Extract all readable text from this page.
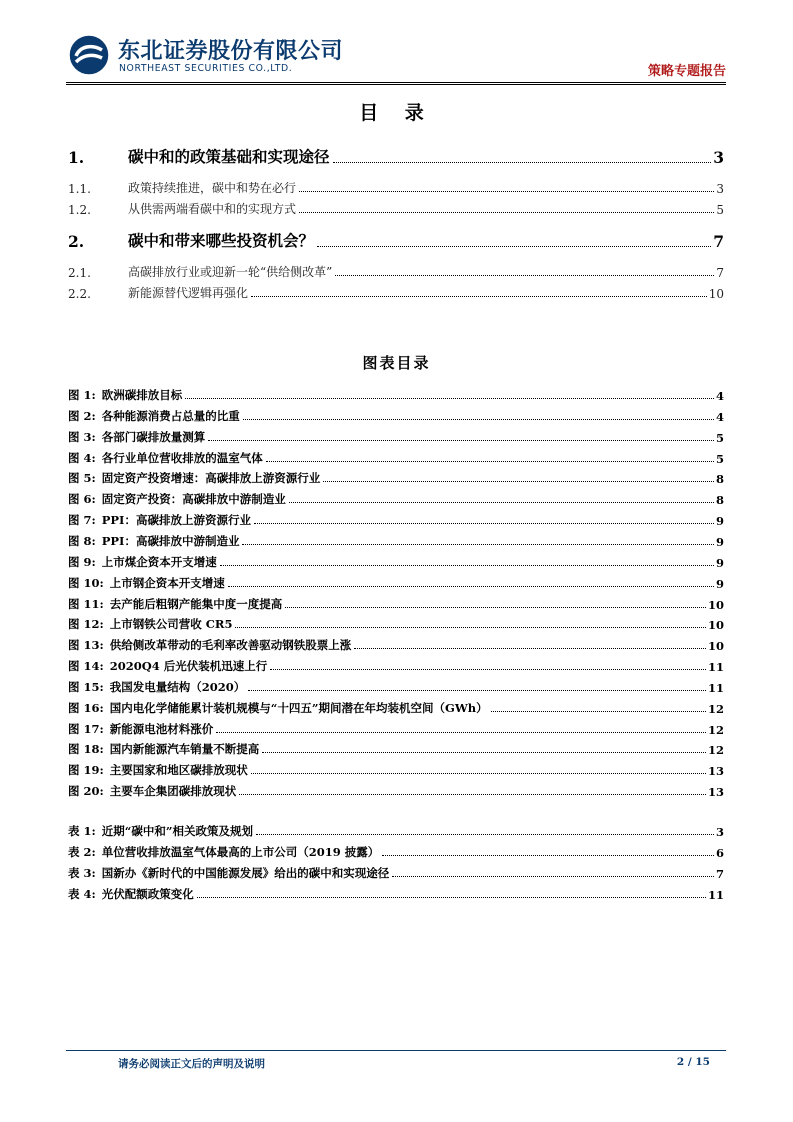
东北证券股份有限公司
NORTHEAST SECURITIES CO.,LTD.	策略专题报告
目 录
1.	碳中和的政策基础和实现途径	3
1.1.	政策持续推进，碳中和势在必行	3
1.2.	从供需两端看碳中和的实现方式	5
2.	碳中和带来哪些投资机会？	7
2.1.	高碳排放行业或迎新一轮“供给侧改革”	7
2.2.	新能源替代逻辑再强化	10
图表目录
图 1: 欧洲碳排放目标	4
图 2: 各种能源消费占总量的比重	4
图 3: 各部门碳排放量测算	5
图 4: 各行业单位营收排放的温室气体	5
图 5: 固定资产投资增速：高碳排放上游资源行业	8
图 6: 固定资产投资：高碳排放中游制造业	8
图 7: PPI：高碳排放上游资源行业	9
图 8: PPI：高碳排放中游制造业	9
图 9: 上市煤企资本开支增速	9
图 10: 上市钢企资本开支增速	9
图 11: 去产能后粗钢产能集中度一度提高	10
图 12: 上市钢铁公司营收 CR5	10
图 13: 供给侧改革带动的毛利率改善驱动钢铁股票上涨	10
图 14: 2020Q4 后光伏装机迅速上行	11
图 15: 我国发电量结构（2020）	11
图 16: 国内电化学储能累计装机规模与“十四五”期间潜在年均装机空间（GWh）	12
图 17: 新能源电池材料涨价	12
图 18: 国内新能源汽车销量不断提高	12
图 19: 主要国家和地区碳排放现状	13
图 20: 主要车企集团碳排放现状	13
表 1: 近期“碳中和”相关政策及规划	3
表 2: 单位营收排放温室气体最高的上市公司（2019 披露）	6
表 3: 国新办《新时代的中国能源发展》给出的碳中和实现途径	7
表 4: 光伏配额政策变化	11
请务必阅读正文后的声明及说明	2 / 15
